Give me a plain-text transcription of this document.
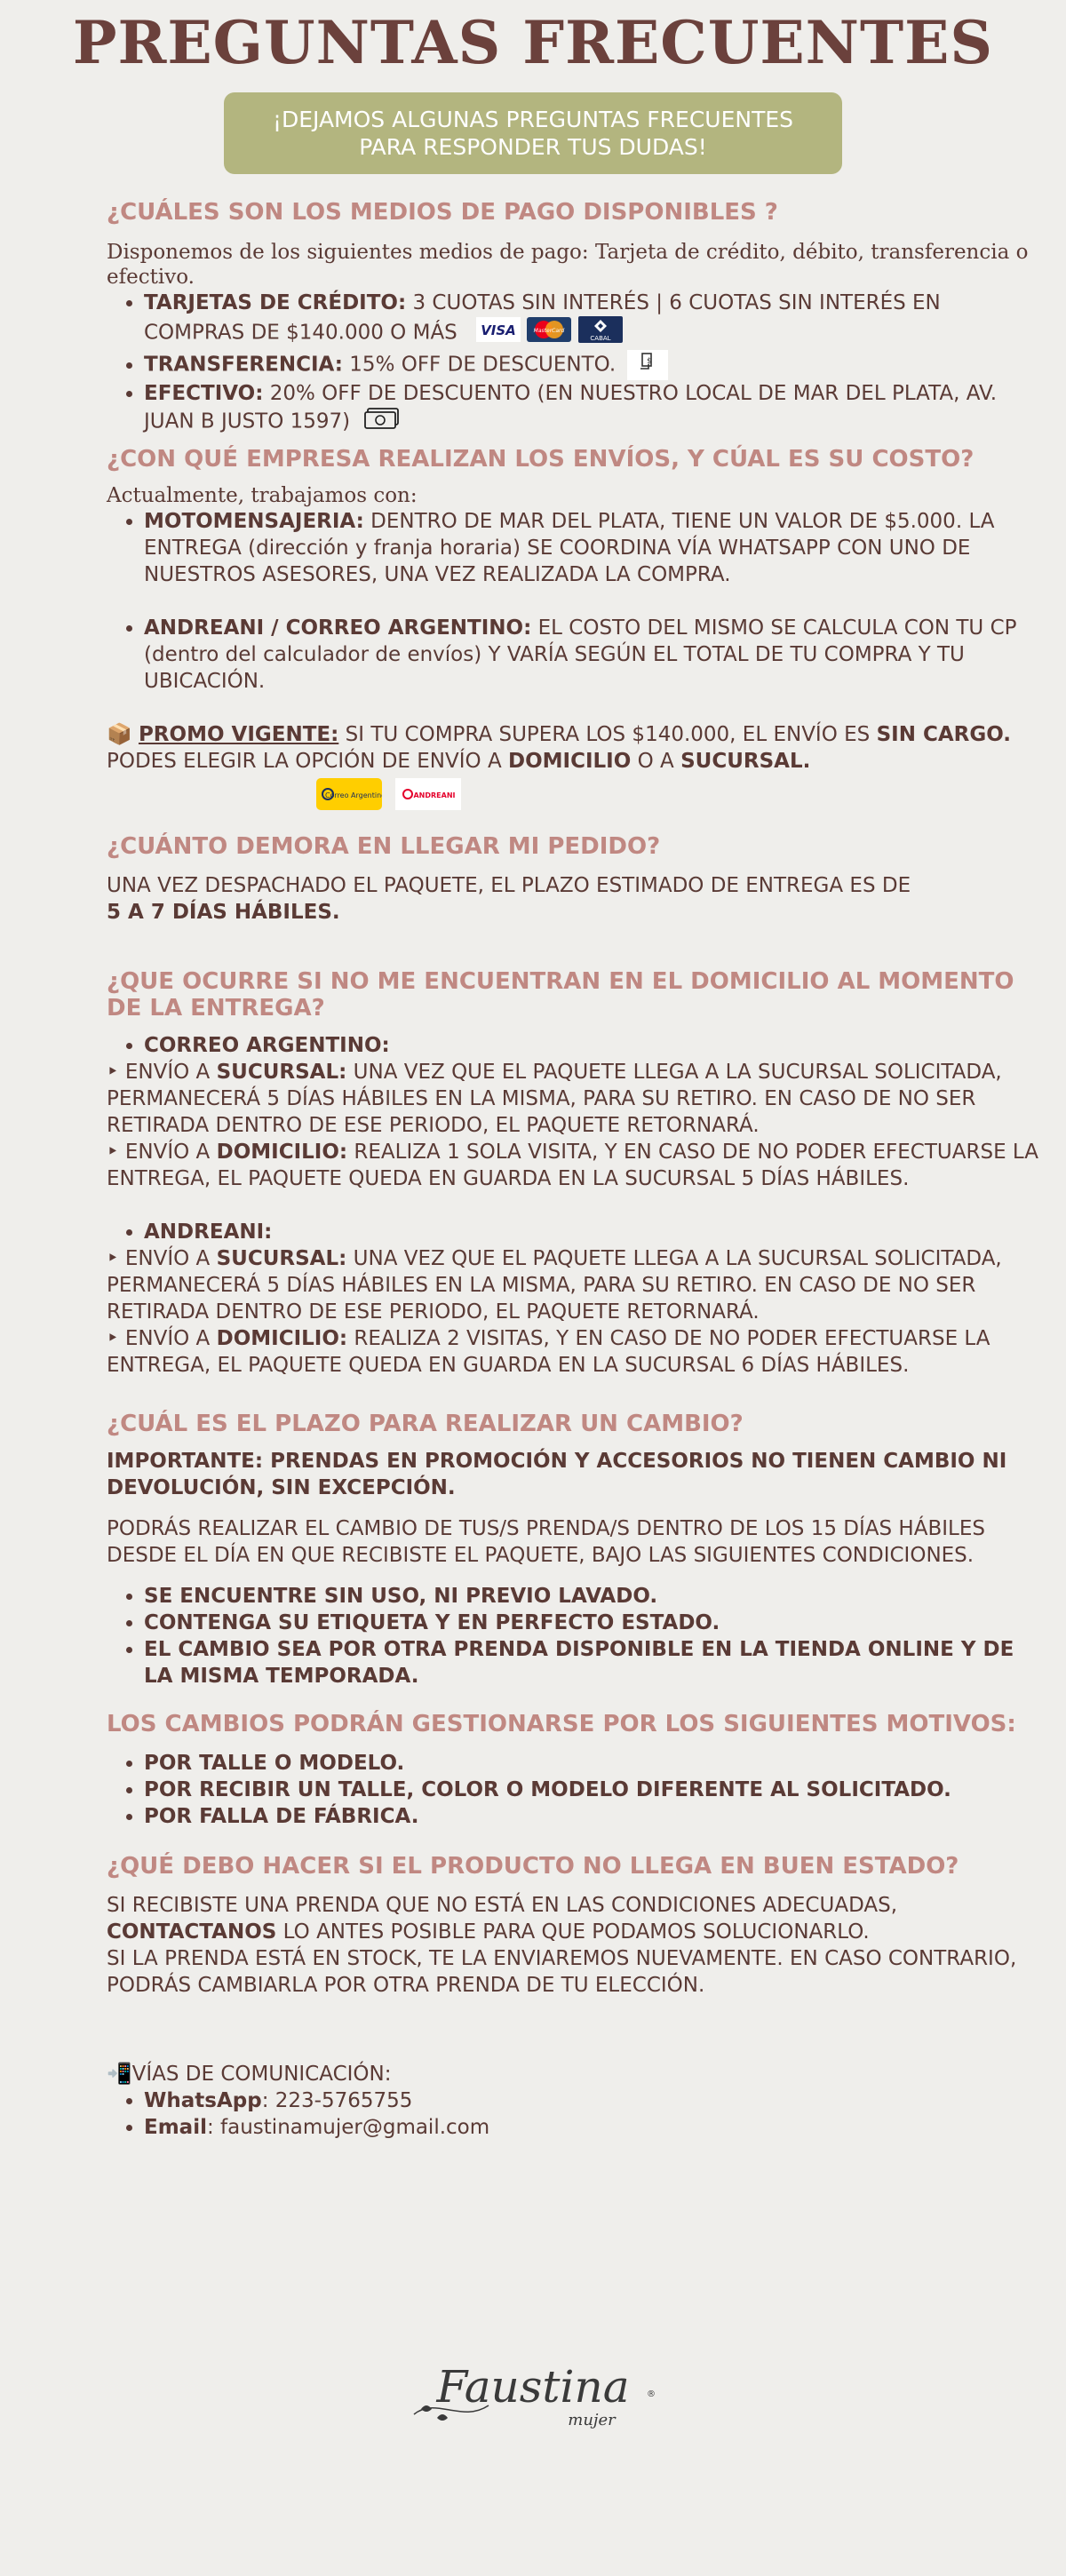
PREGUNTAS FRECUENTES
¡DEJAMOS ALGUNAS PREGUNTAS FRECUENTES
PARA RESPONDER TUS DUDAS!

¿CUÁLES SON LOS MEDIOS DE PAGO DISPONIBLES ?

Disponemos de los siguientes medios de pago: Tarjeta de crédito, débito, transferencia o efectivo.

• TARJETAS DE CRÉDITO: 3 CUOTAS SIN INTERÉS | 6 CUOTAS SIN INTERÉS EN COMPRAS DE $140.000 O MÁS VISA
	MasterCard

CABAL
• TRANSFERENCIA: 15% OFF DE DESCUENTO.	$
• EFECTIVO: 20% OFF DE DESCUENTO (EN NUESTRO LOCAL DE MAR DEL PLATA, AV. JUAN B JUSTO 1597)

¿CON QUÉ EMPRESA REALIZAN LOS ENVÍOS, Y CÚAL ES SU COSTO?

Actualmente, trabajamos con:

• MOTOMENSAJERIA: DENTRO DE MAR DEL PLATA, TIENE UN VALOR DE $5.000. LA ENTREGA (dirección y franja horaria) SE COORDINA VÍA WHATSAPP CON UNO DE NUESTROS ASESORES, UNA VEZ REALIZADA LA COMPRA.
• ANDREANI / CORREO ARGENTINO: EL COSTO DEL MISMO SE CALCULA CON TU CP (dentro del calculador de envíos) Y VARÍA SEGÚN EL TOTAL DE TU COMPRA Y TU UBICACIÓN.

📦 PROMO VIGENTE: SI TU COMPRA SUPERA LOS $140.000, EL ENVÍO ES SIN CARGO. PODES ELEGIR LA OPCIÓN DE ENVÍO A DOMICILIO O A SUCURSAL.

Correo Argentino
	ANDREANI

¿CUÁNTO DEMORA EN LLEGAR MI PEDIDO?

UNA VEZ DESPACHADO EL PAQUETE, EL PLAZO ESTIMADO DE ENTREGA ES DE

5 A 7 DÍAS HÁBILES.

¿QUE OCURRE SI NO ME ENCUENTRAN EN EL DOMICILIO AL MOMENTO DE LA ENTREGA?

• CORREO ARGENTINO:

‣ ENVÍO A SUCURSAL: UNA VEZ QUE EL PAQUETE LLEGA A LA SUCURSAL SOLICITADA, PERMANECERÁ 5 DÍAS HÁBILES EN LA MISMA, PARA SU RETIRO. EN CASO DE NO SER RETIRADA DENTRO DE ESE PERIODO, EL PAQUETE RETORNARÁ.

‣ ENVÍO A DOMICILIO: REALIZA 1 SOLA VISITA, Y EN CASO DE NO PODER EFECTUARSE LA ENTREGA, EL PAQUETE QUEDA EN GUARDA EN LA SUCURSAL 5 DÍAS HÁBILES.

• ANDREANI:

‣ ENVÍO A SUCURSAL: UNA VEZ QUE EL PAQUETE LLEGA A LA SUCURSAL SOLICITADA, PERMANECERÁ 5 DÍAS HÁBILES EN LA MISMA, PARA SU RETIRO. EN CASO DE NO SER RETIRADA DENTRO DE ESE PERIODO, EL PAQUETE RETORNARÁ.

‣ ENVÍO A DOMICILIO: REALIZA 2 VISITAS, Y EN CASO DE NO PODER EFECTUARSE LA ENTREGA, EL PAQUETE QUEDA EN GUARDA EN LA SUCURSAL 6 DÍAS HÁBILES.

¿CUÁL ES EL PLAZO PARA REALIZAR UN CAMBIO?

IMPORTANTE: PRENDAS EN PROMOCIÓN Y ACCESORIOS NO TIENEN CAMBIO NI DEVOLUCIÓN, SIN EXCEPCIÓN.

PODRÁS REALIZAR EL CAMBIO DE TUS/S PRENDA/S DENTRO DE LOS 15 DÍAS HÁBILES DESDE EL DÍA EN QUE RECIBISTE EL PAQUETE, BAJO LAS SIGUIENTES CONDICIONES.

• SE ENCUENTRE SIN USO, NI PREVIO LAVADO.
• CONTENGA SU ETIQUETA Y EN PERFECTO ESTADO.
• EL CAMBIO SEA POR OTRA PRENDA DISPONIBLE EN LA TIENDA ONLINE Y DE LA MISMA TEMPORADA.

LOS CAMBIOS PODRÁN GESTIONARSE POR LOS SIGUIENTES MOTIVOS:

• POR TALLE O MODELO.
• POR RECIBIR UN TALLE, COLOR O MODELO DIFERENTE AL SOLICITADO.
• POR FALLA DE FÁBRICA.

¿QUÉ DEBO HACER SI EL PRODUCTO NO LLEGA EN BUEN ESTADO?

SI RECIBISTE UNA PRENDA QUE NO ESTÁ EN LAS CONDICIONES ADECUADAS,

CONTACTANOS LO ANTES POSIBLE PARA QUE PODAMOS SOLUCIONARLO.

SI LA PRENDA ESTÁ EN STOCK, TE LA ENVIAREMOS NUEVAMENTE. EN CASO CONTRARIO, PODRÁS CAMBIARLA POR OTRA PRENDA DE TU ELECCIÓN.

📲VÍAS DE COMUNICACIÓN:

• WhatsApp: 223-5765755
• Email: faustinamujer@gmail.com
Faustina
mujer
®
